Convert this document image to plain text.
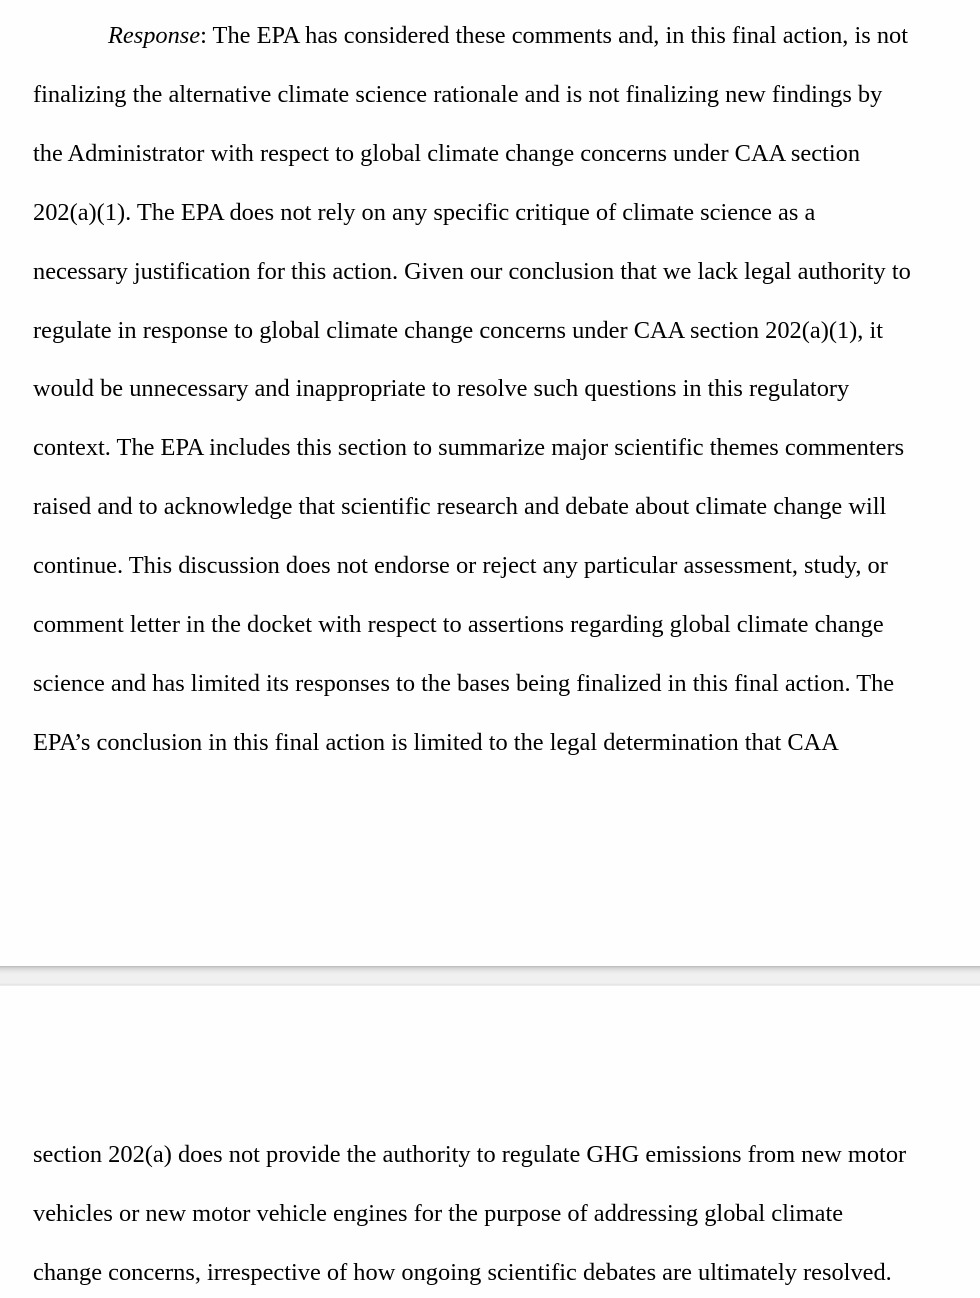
Response: The EPA has considered these comments and, in this final action, is not
finalizing the alternative climate science rationale and is not finalizing new findings by
the Administrator with respect to global climate change concerns under CAA section
202(a)(1). The EPA does not rely on any specific critique of climate science as a
necessary justification for this action. Given our conclusion that we lack legal authority to
regulate in response to global climate change concerns under CAA section 202(a)(1), it
would be unnecessary and inappropriate to resolve such questions in this regulatory
context. The EPA includes this section to summarize major scientific themes commenters
raised and to acknowledge that scientific research and debate about climate change will
continue. This discussion does not endorse or reject any particular assessment, study, or
comment letter in the docket with respect to assertions regarding global climate change
science and has limited its responses to the bases being finalized in this final action. The
EPA’s conclusion in this final action is limited to the legal determination that CAA
section 202(a) does not provide the authority to regulate GHG emissions from new motor
vehicles or new motor vehicle engines for the purpose of addressing global climate
change concerns, irrespective of how ongoing scientific debates are ultimately resolved.
